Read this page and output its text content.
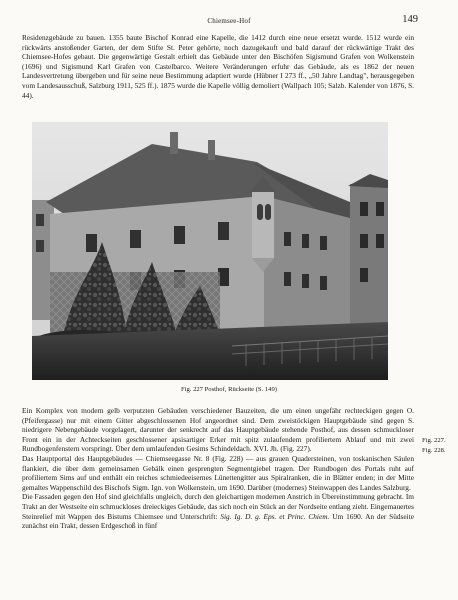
Chiemsee-Hof	149

Residenzgebäude zu bauen. 1355 baute Bischof Konrad eine Kapelle, die 1412 durch eine neue ersetzt wurde. 1512 wurde ein rückwärts anstoßender Garten, der dem Stifte St. Peter gehörte, noch dazugekauft und bald darauf der rückwärtige Trakt des Chiemsee-Hofes gebaut. Die gegenwärtige Gestalt erhielt das Gebäude unter den Bischöfen Sigismund Grafen von Wolkenstein (1696) und Sigismund Karl Grafen von Castelbarco. Weitere Veränderungen erfuhr das Gebäude, als es 1862 der neuen Landesvertretung übergeben und für seine neue Bestimmung adaptiert wurde (Hübner I 273 ff., „50 Jahre Landtag", herausgegeben vom Landesausschuß, Salzburg 1911, 525 ff.). 1875 wurde die Kapelle völlig demoliert (Wallpach 105; Salzb. Kalender von 1876, S. 44).

Fig. 227 Posthof, Rückseite (S. 149)

Ein Komplex von modern gelb verputzten Gebäuden verschiedener Bauzeiten, die um einen ungefähr rechteckigen gegen O. (Pfeifergasse) nur mit einem Gitter abgeschlossenen Hof angeordnet sind. Dem zweistöckigen Hauptgebäude sind gegen S. niedrigere Nebengebäude vorgelagert, darunter der senkrecht auf das Hauptgebäude stehende Posthof, aus dessen schmuckloser Front ein in der Achteckseiten geschlossener apsisartiger Erker mit spitz zulaufendem profiliertem Ablauf und mit zwei Rundbogenfenstern vorspringt. Über dem umlaufenden Gesims Schindeldach. XVI. Jh. (Fig. 227).

Das Hauptportal des Hauptgebäudes — Chiemseegasse Nr. 8 (Fig. 228) — aus grauen Quadersteinen, von toskanischen Säulen flankiert, die über dem gemeinsamen Gebälk einen gesprengten Segmentgiebel tragen. Der Rundbogen des Portals ruht auf profiliertem Sims auf und enthält ein reiches schmiedeeisernes Lünettengitter aus Spiralranken, die in Blätter enden; in der Mitte gemaltes Wappenschild des Bischofs Sigm. Ign. von Wolkenstein, um 1690. Darüber (modernes) Steinwappen des Landes Salzburg.

Die Fassaden gegen den Hof sind gleichfalls ungleich, durch den gleichartigen modernen Anstrich in Übereinstimmung gebracht. Im Trakt an der Westseite ein schmuckloses dreieckiges Gebäude, das sich noch ein Stück an der Nordseite entlang zieht. Eingemauertes Steinrelief mit Wappen des Bistums Chiemsee und Unterschrift: Sig. Ig. D. g. Eps. et Princ. Chiem. Um 1690. An der Südseite zunächst ein Trakt, dessen Erdgeschoß in fünf

Fig. 227.
Fig. 228.
